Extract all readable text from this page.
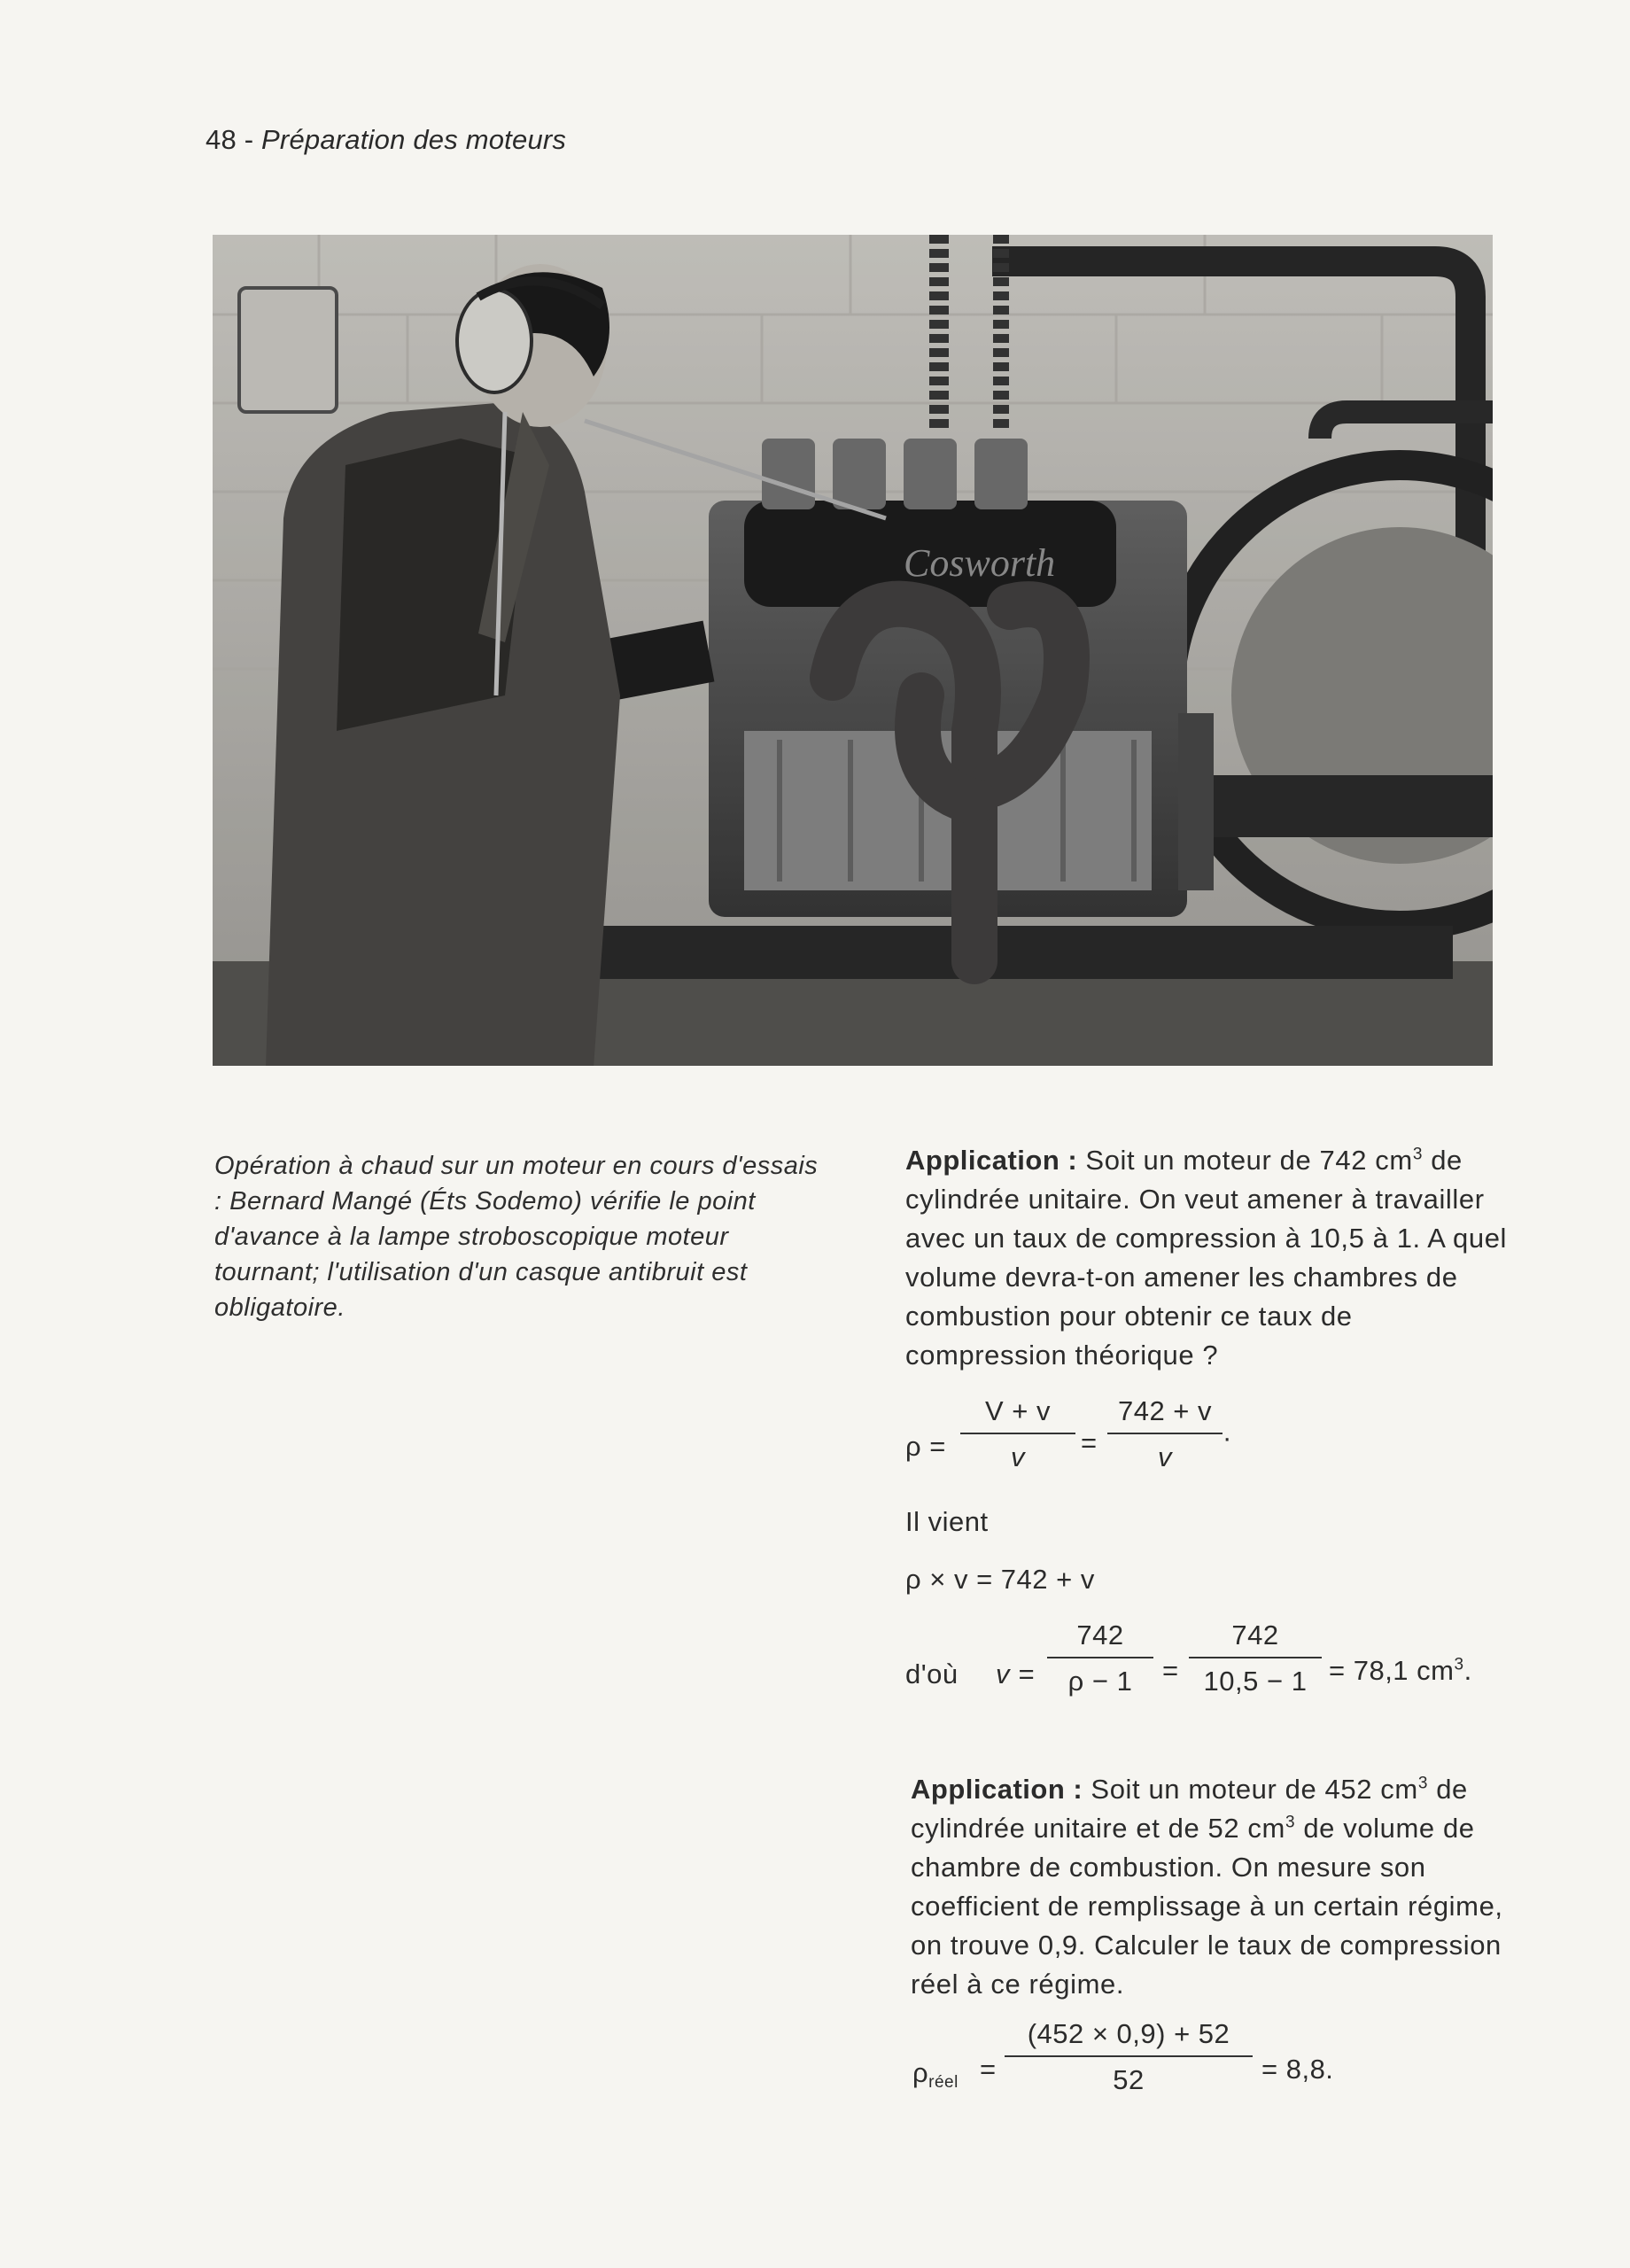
48 - Préparation des moteurs
Cosworth
Opération à chaud sur un moteur en cours d'essais : Bernard Mangé (Éts Sodemo) vérifie le point d'avance à la lampe stroboscopique moteur tournant; l'utilisation d'un casque antibruit est obligatoire.
Application : Soit un moteur de 742 $cm^3$ de cylindrée unitaire. On veut amener à travailler avec un taux de compression à 10,5 à 1. A quel volume devra-t-on amener les chambres de combustion pour obtenir ce taux de compression théorique ?
$\rho = \frac{V + v}{v} = \frac{742 + v}{v}$ ·
Il vient
ρ × v = 742 + v
d'où $v = \frac{742}{\rho - 1} = \frac{742}{10,5 - 1} = 78,1$ $cm^3$.
Application : Soit un moteur de 452 $cm^3$ de cylindrée unitaire et de 52 $cm^3$ de volume de chambre de combustion. On mesure son coefficient de remplissage à un certain régime, on trouve 0,9. Calculer le taux de compression réel à ce régime.
$\rho_{réel} = \frac{(452 \times 0,9) + 52}{52} = 8,8$.
